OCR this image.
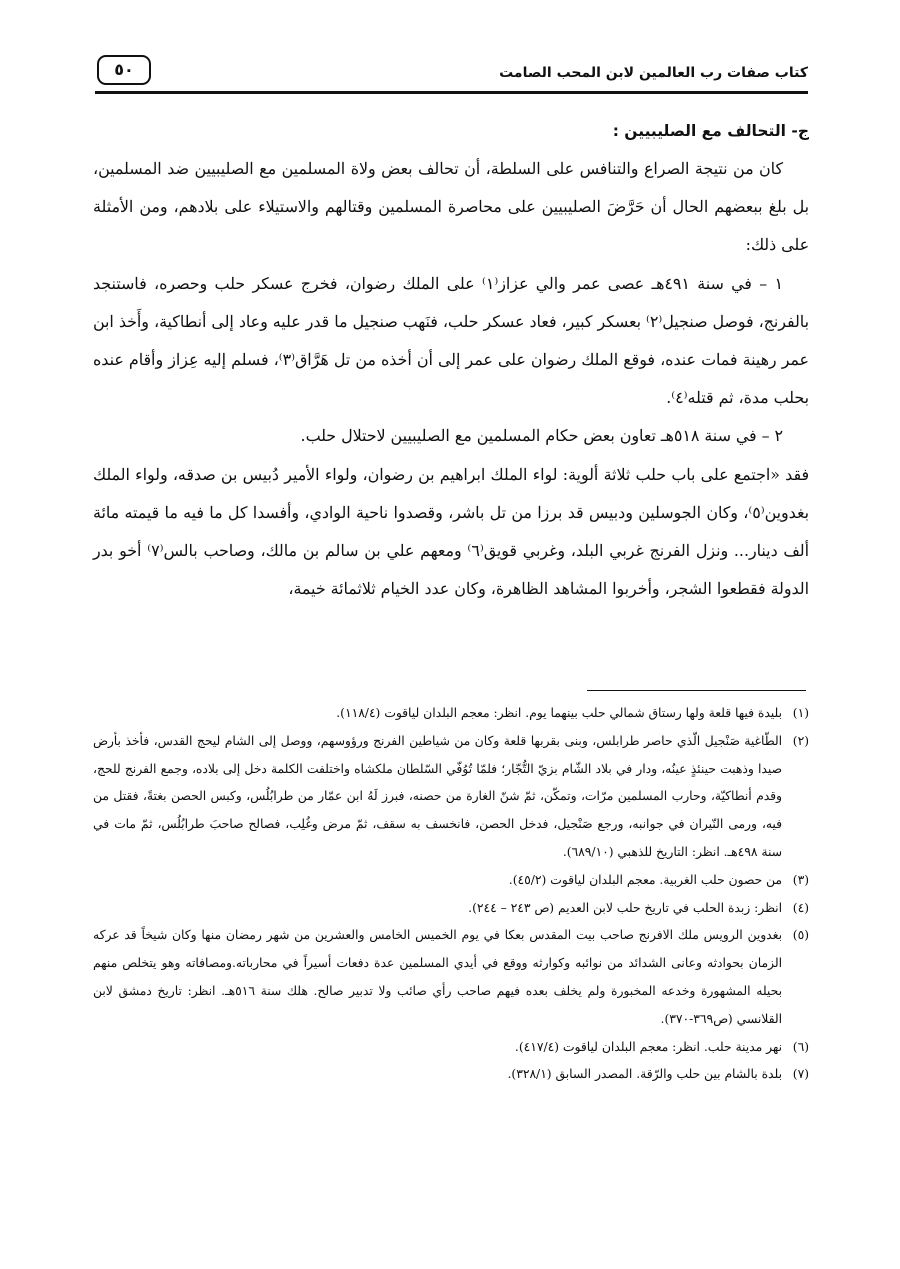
كتاب صفات رب العالمين لابن المحب الصامت
٥٠

ج- التحالف مع الصليبيين :

كان من نتيجة الصراع والتنافس على السلطة، أن تحالف بعض ولاة المسلمين مع الصليبيين ضد المسلمين، بل بلغ ببعضهم الحال أن حَرَّضَ الصليبيين على محاصرة المسلمين وقتالهم والاستيلاء على بلادهم، ومن الأمثلة على ذلك:

١ – في سنة ٤٩١هـ عصى عمر والي عزاز⁽١⁾ على الملك رضوان، فخرج عسكر حلب وحصره، فاستنجد بالفرنج، فوصل صنجيل⁽٢⁾ بعسكر كبير، فعاد عسكر حلب، فنَهب صنجيل ما قدر عليه وعاد إلى أنطاكية، وأَخذ ابن عمر رهينة فمات عنده، فوقع الملك رضوان على عمر إلى أن أخذه من تل هَرَّاق⁽٣⁾، فسلم إليه عِزاز وأقام عنده بحلب مدة، ثم قتله⁽٤⁾.

٢ – في سنة ٥١٨هـ تعاون بعض حكام المسلمين مع الصليبيين لاحتلال حلب.

فقد «اجتمع على باب حلب ثلاثة ألوية: لواء الملك ابراهيم بن رضوان، ولواء الأمير دُبيس بن صدقه، ولواء الملك بغدوين⁽٥⁾، وكان الجوسلين ودبيس قد برزا من تل باشر، وقصدوا ناحية الوادي، وأفسدا كل ما فيه ما قيمته مائة ألف دينار... ونزل الفرنج غربي البلد، وغربي قويق⁽٦⁾ ومعهم علي بن سالم بن مالك، وصاحب بالس⁽٧⁾ أخو بدر الدولة فقطعوا الشجر، وأخربوا المشاهد الظاهرة، وكان عدد الخيام ثلاثمائة خيمة،

(١)بليدة فيها قلعة ولها رستاق شمالي حلب بينهما يوم. انظر: معجم البلدان لياقوت (١١٨/٤).

(٢)الطّاغية صَنْجيل الّذي حاصر طرابلس، وبنى بقربها قلعة وكان من شياطين الفرنج ورؤوسهم، ووصل إلى الشام ليحج القدس، فأخذ بأرض صيدا وذهبت حينئذٍ عينُه، ودار في بلاد الشّام بزيّ التُّجّار؛ فلمّا تُوُفّي السّلطان ملكشاه واختلفت الكلمة دخل إلى بلاده، وجمع الفرنج للحج، وقدم أنطاكيّة، وحارب المسلمين مرّات، وتمكّن، ثمّ شنّ الغارة من حصنه، فبرز لَهُ ابن عمّار من طرابُلُس، وكبس الحصن بغتةً، فقتل من فيه، ورمى النّيران في جوانبه، ورجع صَنْجيل، فدخل الحصن، فانخسف به سقف، ثمّ مرض وغُلِب، فصالح صاحبَ طرابُلُس، ثمّ مات في سنة ٤٩٨هـ. انظر: التاريخ للذهبي (٦٨٩/١٠).

(٣)من حصون حلب الغربية. معجم البلدان لياقوت (٤٥/٢).

(٤)انظر: زبدة الحلب في تاريخ حلب لابن العديم (ص ٢٤٣ – ٢٤٤).

(٥)بغدوين الرويس ملك الافرنج صاحب بيت المقدس بعكا في يوم الخميس الخامس والعشرين من شهر رمضان منها وكان شيخاً قد عركه الزمان بحوادثه وعانى الشدائد من نوائبه وكوارثه ووقع في أيدي المسلمين عدة دفعات أسيراً في محارباته.ومصافاته وهو يتخلص منهم بحيله المشهورة وخدعه المخبورة ولم يخلف بعده فيهم صاحب رأي صائب ولا تدبير صالح. هلك سنة ٥١٦هـ. انظر: تاريخ دمشق لابن القلانسي (ص٣٦٩-٣٧٠).

(٦)نهر مدينة حلب. انظر: معجم البلدان لياقوت (٤١٧/٤).

(٧)بلدة بالشام بين حلب والرّقة. المصدر السابق (٣٢٨/١).
